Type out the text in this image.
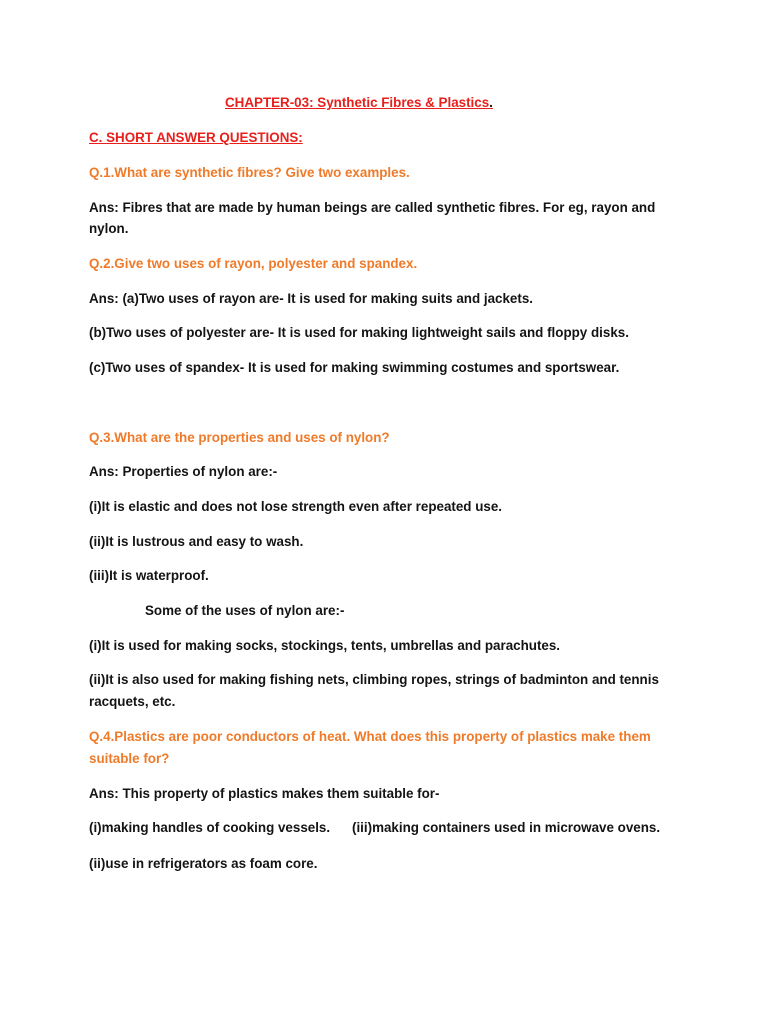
CHAPTER-03: Synthetic Fibres & Plastics.
C. SHORT ANSWER QUESTIONS:
Q.1.What are synthetic fibres? Give two examples.
Ans: Fibres that are made by human beings are called synthetic fibres. For eg, rayon and
nylon.
Q.2.Give two uses of rayon, polyester and spandex.
Ans: (a)Two uses of rayon are- It is used for making suits and jackets.
(b)Two uses of polyester are- It is used for making lightweight sails and floppy disks.
(c)Two uses of spandex- It is used for making swimming costumes and sportswear.
Q.3.What are the properties and uses of nylon?
Ans: Properties of nylon are:-
(i)It is elastic and does not lose strength even after repeated use.
(ii)It is lustrous and easy to wash.
(iii)It is waterproof.
Some of the uses of nylon are:-
(i)It is used for making socks, stockings, tents, umbrellas and parachutes.
(ii)It is also used for making fishing nets, climbing ropes, strings of badminton and tennis
racquets, etc.
Q.4.Plastics are poor conductors of heat. What does this property of plastics make them
suitable for?
Ans: This property of plastics makes them suitable for-
(i)making handles of cooking vessels. (iii)making containers used in microwave ovens.
(ii)use in refrigerators as foam core.
